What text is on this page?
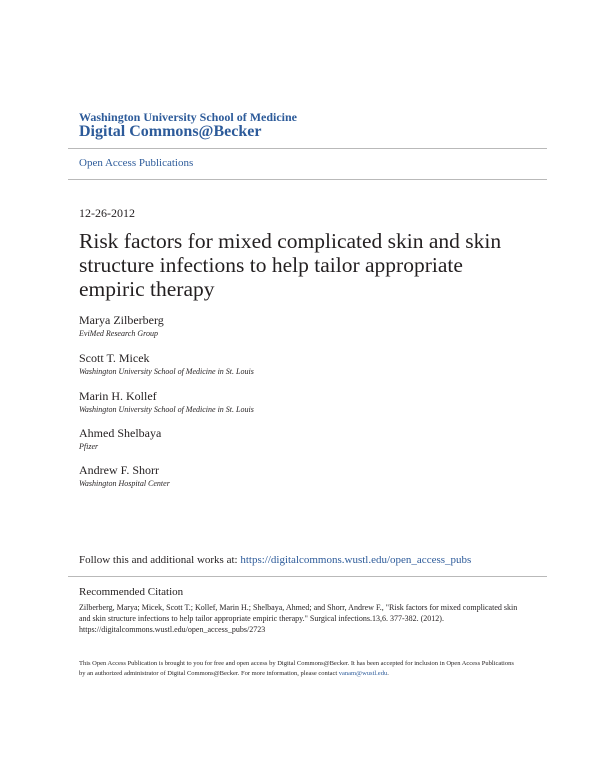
Washington University School of Medicine
Digital Commons@Becker
Open Access Publications
12-26-2012
Risk factors for mixed complicated skin and skin structure infections to help tailor appropriate empiric therapy
Marya Zilberberg
EviMed Research Group
Scott T. Micek
Washington University School of Medicine in St. Louis
Marin H. Kollef
Washington University School of Medicine in St. Louis
Ahmed Shelbaya
Pfizer
Andrew F. Shorr
Washington Hospital Center
Follow this and additional works at: https://digitalcommons.wustl.edu/open_access_pubs
Recommended Citation
Zilberberg, Marya; Micek, Scott T.; Kollef, Marin H.; Shelbaya, Ahmed; and Shorr, Andrew F., "Risk factors for mixed complicated skin and skin structure infections to help tailor appropriate empiric therapy." Surgical infections.13,6. 377-382. (2012). https://digitalcommons.wustl.edu/open_access_pubs/2723
This Open Access Publication is brought to you for free and open access by Digital Commons@Becker. It has been accepted for inclusion in Open Access Publications by an authorized administrator of Digital Commons@Becker. For more information, please contact vanam@wustl.edu.
